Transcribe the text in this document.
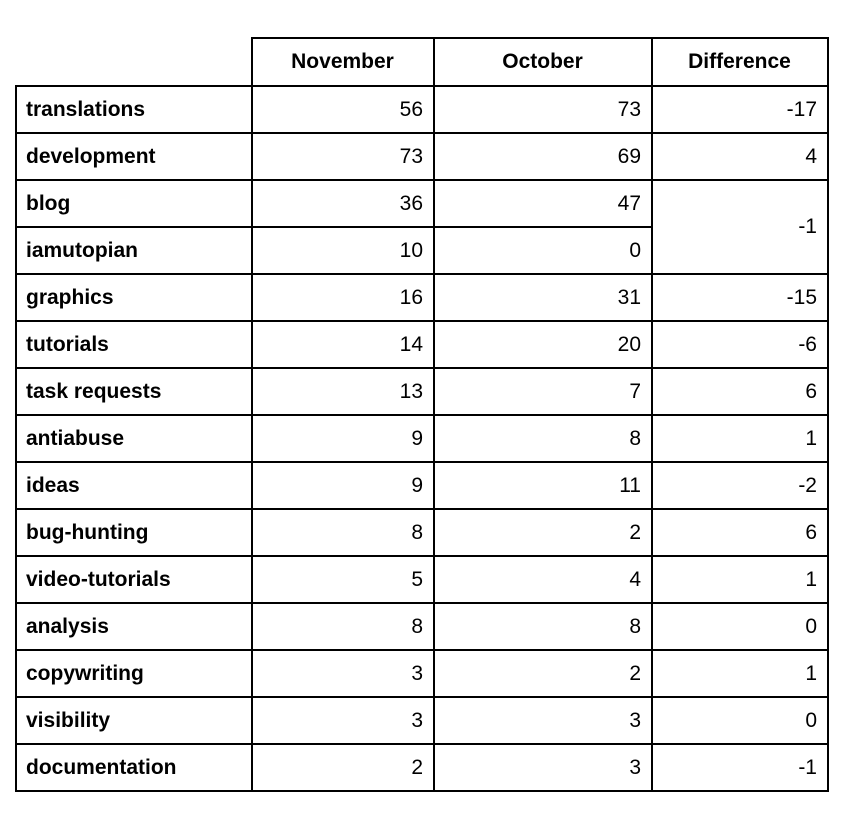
	November	October	Difference
translations	56	73	-17
development	73	69	4
blog	36	47	-1
iamutopian	10	0	
graphics	16	31	-15
tutorials	14	20	-6
task requests	13	7	6
antiabuse	9	8	1
ideas	9	11	-2
bug-hunting	8	2	6
video-tutorials	5	4	1
analysis	8	8	0
copywriting	3	2	1
visibility	3	3	0
documentation	2	3	-1
